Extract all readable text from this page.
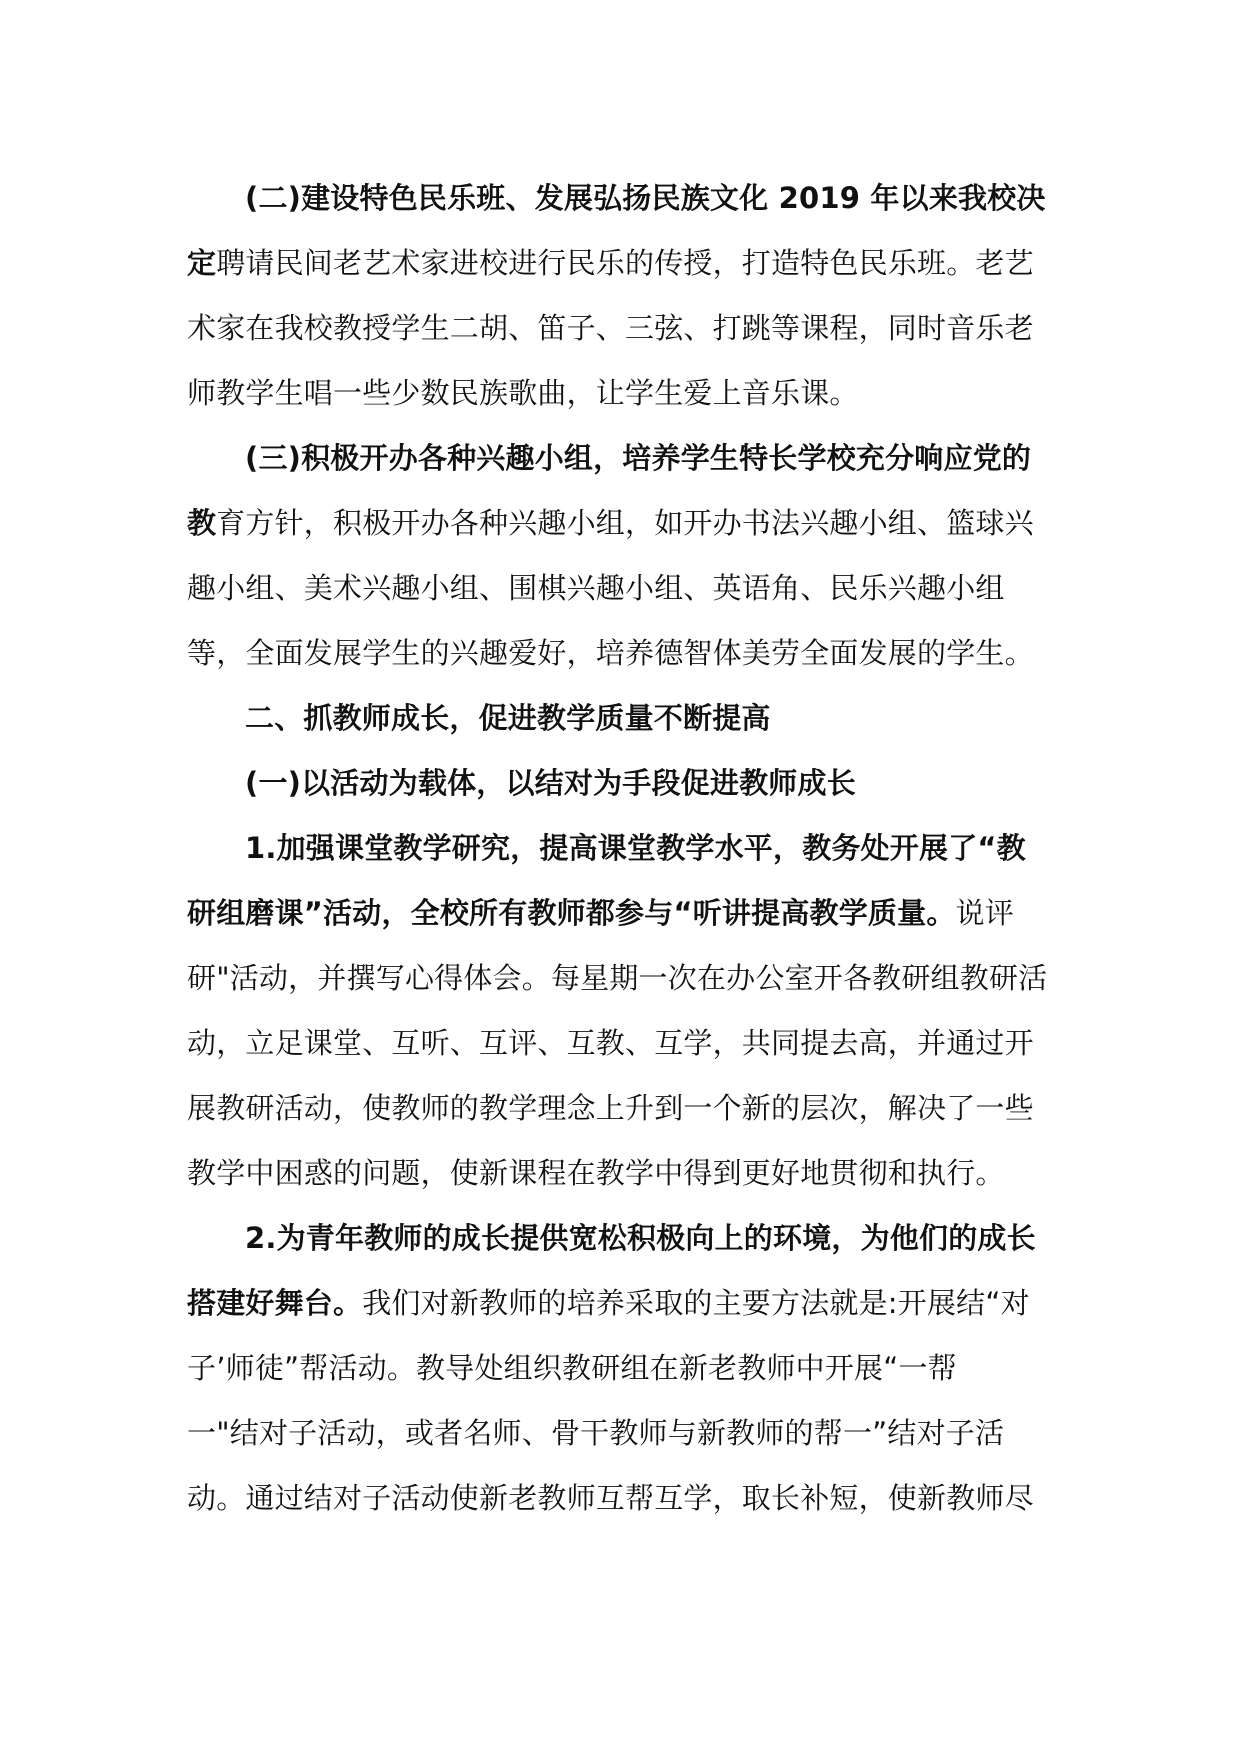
(二)建设特色民乐班、发展弘扬民族文化 2019 年以来我校决
定聘请民间老艺术家进校进行民乐的传授，打造特色民乐班。老艺
术家在我校教授学生二胡、笛子、三弦、打跳等课程，同时音乐老
师教学生唱一些少数民族歌曲，让学生爱上音乐课。
(三)积极开办各种兴趣小组，培养学生特长学校充分响应党的
教育方针，积极开办各种兴趣小组，如开办书法兴趣小组、篮球兴
趣小组、美术兴趣小组、围棋兴趣小组、英语角、民乐兴趣小组
等，全面发展学生的兴趣爱好，培养德智体美劳全面发展的学生。
二、抓教师成长，促进教学质量不断提高
(一)以活动为载体，以结对为手段促进教师成长
1.加强课堂教学研究，提高课堂教学水平，教务处开展了“教
研组磨课”活动，全校所有教师都参与“听讲提高教学质量。说评
研"活动，并撰写心得体会。每星期一次在办公室开各教研组教研活
动，立足课堂、互听、互评、互教、互学，共同提去高，并通过开
展教研活动，使教师的教学理念上升到一个新的层次，解决了一些
教学中困惑的问题，使新课程在教学中得到更好地贯彻和执行。
2.为青年教师的成长提供宽松积极向上的环境，为他们的成长
搭建好舞台。我们对新教师的培养采取的主要方法就是:开展结“对
子’师徒”帮活动。教导处组织教研组在新老教师中开展“一帮
一"结对子活动，或者名师、骨干教师与新教师的帮一”结对子活
动。通过结对子活动使新老教师互帮互学，取长补短，使新教师尽
